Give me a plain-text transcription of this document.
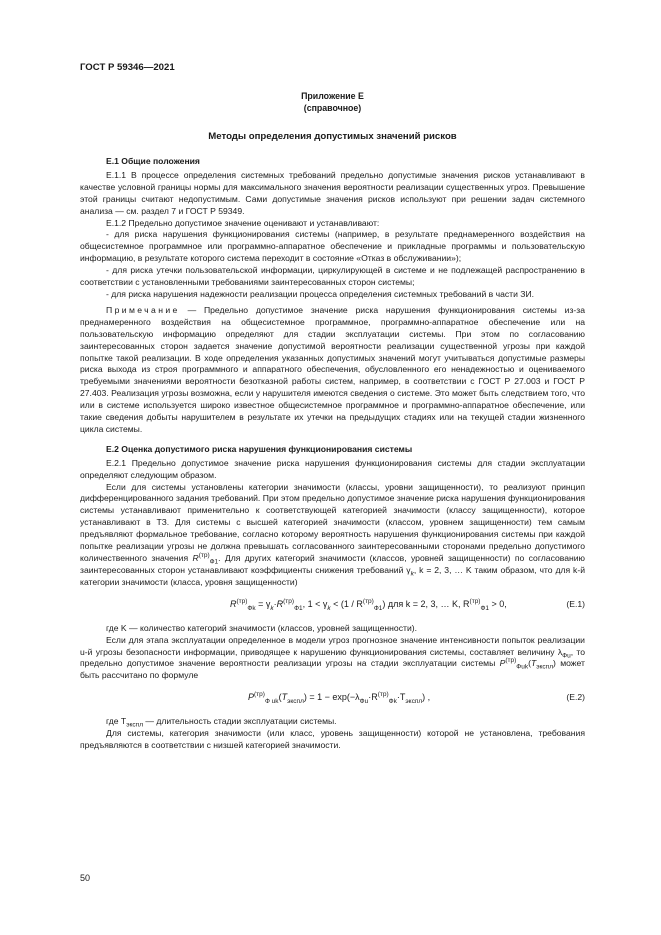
ГОСТ Р 59346—2021
Приложение Е
(справочное)
Методы определения допустимых значений рисков
Е.1 Общие положения

Е.1.1 В процессе определения системных требований предельно допустимые значения рисков устанавливают в качестве условной границы нормы для максимального значения вероятности реализации существенных угроз. Превышение этой границы считают недопустимым. Сами допустимые значения рисков используют при решении задач системного анализа — см. раздел 7 и ГОСТ Р 59349.

Е.1.2 Предельно допустимое значение оценивают и устанавливают:

- для риска нарушения функционирования системы (например, в результате преднамеренного воздействия на общесистемное программное или программно-аппаратное обеспечение и прикладные программы и пользовательскую информацию, в результате которого система переходит в состояние «Отказ в обслуживании»);

- для риска утечки пользовательской информации, циркулирующей в системе и не подлежащей распространению в соответствии с установленными требованиями заинтересованных сторон системы;

- для риска нарушения надежности реализации процесса определения системных требований в части ЗИ.

Примечание — Предельно допустимое значение риска нарушения функционирования системы из-за преднамеренного воздействия на общесистемное программное, программно-аппаратное обеспечение или на пользовательскую информацию определяют для стадии эксплуатации системы. При этом по согласованию заинтересованных сторон задается значение допустимой вероятности реализации существенной угрозы при каждой попытке такой реализации. В ходе определения указанных допустимых значений могут учитываться допустимые размеры риска выхода из строя программного и аппаратного обеспечения, обусловленного его ненадежностью и оцениваемого требуемыми значениями вероятности безотказной работы систем, например, в соответствии с ГОСТ Р 27.003 и ГОСТ Р 27.403. Реализация угрозы возможна, если у нарушителя имеются сведения о системе. Это может быть следствием того, что или в системе используется широко известное общесистемное программное и программно-аппаратное обеспечение, или такие сведения добыты нарушителем в результате их утечки на предыдущих стадиях или на текущей стадии жизненного цикла системы.

Е.2 Оценка допустимого риска нарушения функционирования системы

Е.2.1 Предельно допустимое значение риска нарушения функционирования системы для стадии эксплуатации определяют следующим образом.

Если для системы установлены категории значимости (классы, уровни защищенности), то реализуют принцип дифференцированного задания требований. При этом предельно допустимое значение риска нарушения функционирования системы устанавливают применительно к соответствующей категорией значимости (классу защищенности), которое устанавливают в ТЗ. Для системы с высшей категорией значимости (классом, уровнем защищенности) тем самым предъявляют формальное требование, согласно которому вероятность нарушения функционирования системы при каждой попытке реализации угрозы не должна превышать согласованного заинтересованными сторонами предельно допустимого количественного значения $R^{(тр)}_{Ф1}$. Для других категорий значимости (классов, уровней защищенности) по согласованию заинтересованных сторон устанавливают коэффициенты снижения требований $\gamma_k$, k = 2, 3, … K таким образом, что для k-й категории значимости (класса, уровня защищенности)

$R^{(тр)}_{Фk} = \gamma_k\cdot R^{(тр)}_{Ф1}$, $1 < \gamma_k < (1 / R^{(тр)}_{Ф1})$ для k = 2, 3, … K, $R^{(тр)}_{Ф1} > 0$,	(Е.1)

где K — количество категорий значимости (классов, уровней защищенности).

Если для этапа эксплуатации определенное в модели угроз прогнозное значение интенсивности попыток реализации u-й угрозы безопасности информации, приводящее к нарушению функционирования системы, составляет величину $\lambda_{Фu}$, то предельно допустимое значение вероятности реализации угрозы на стадии эксплуатации системы $P^{(тр)}_{Фuk}(T_{экспл})$ может быть рассчитано по формуле

$P^{(тр)}_{Ф uk}(T_{экспл}) = 1 - \exp(-\lambda_{Фu}\cdot R^{(тр)}_{Фk}\cdot T_{экспл})$ ,	(Е.2)

где $T_{экспл}$ — длительность стадии эксплуатации системы.

Для системы, категория значимости (или класс, уровень защищенности) которой не установлена, требования предъявляются в соответствии с низшей категорией значимости.

50
